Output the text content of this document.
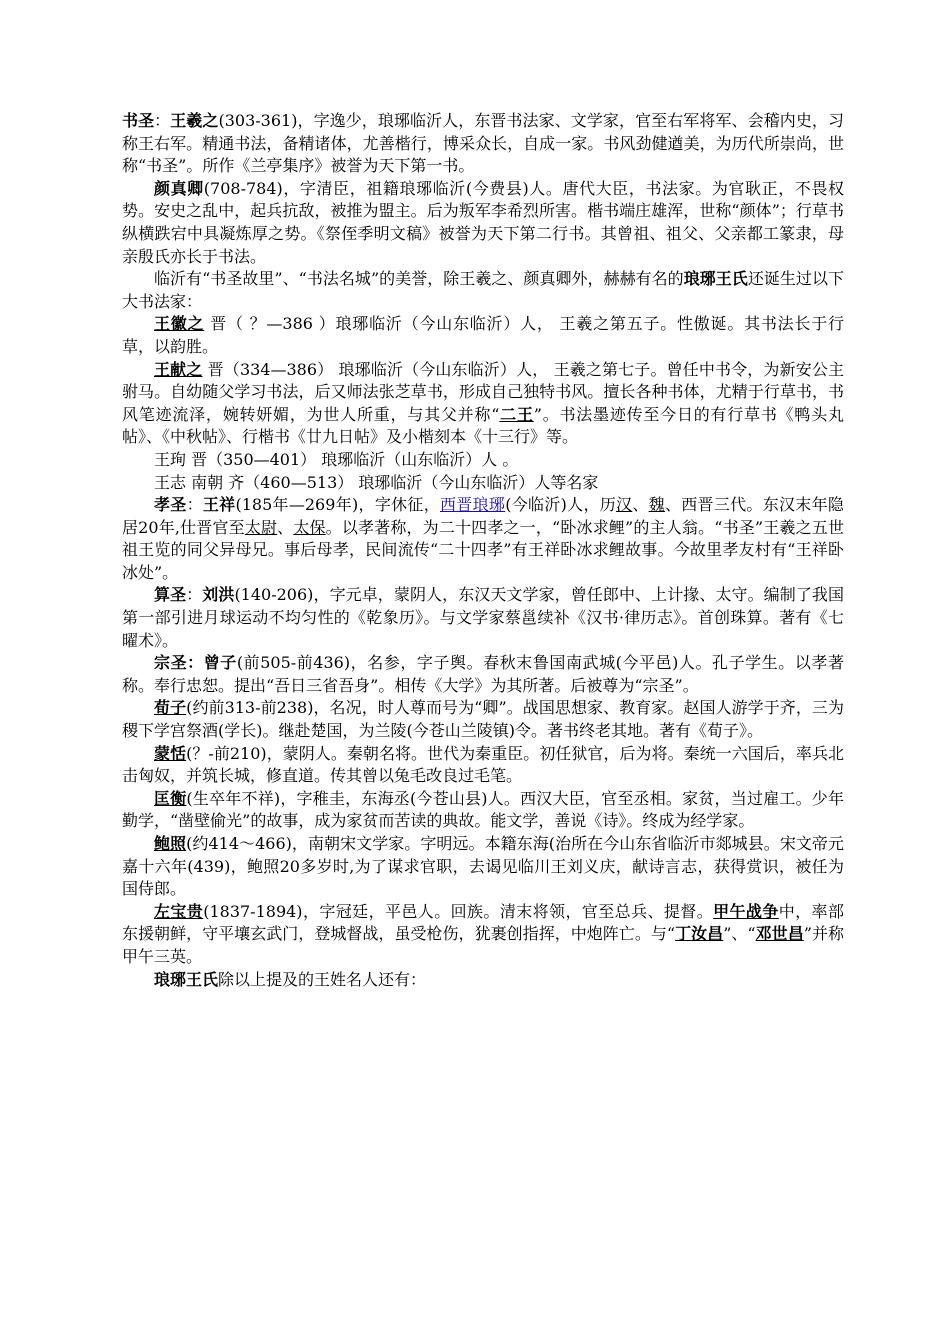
书圣：王羲之(303-361)，字逸少，琅琊临沂人，东晋书法家、文学家，官至右军将军、会稽内史，习称王右军。精通书法，备精诸体，尤善楷行，博采众长，自成一家。书风劲健遒美，为历代所崇尚，世称“书圣”。所作《兰亭集序》被誉为天下第一书。

颜真卿(708-784)，字清臣，祖籍琅琊临沂(今费县)人。唐代大臣，书法家。为官耿正，不畏权势。安史之乱中，起兵抗敌，被推为盟主。后为叛军李希烈所害。楷书端庄雄浑，世称“颜体”；行草书纵横跌宕中具凝炼厚之势。《祭侄季明文稿》被誉为天下第二行书。其曾祖、祖父、父亲都工篆隶，母亲殷氏亦长于书法。

临沂有“书圣故里”、“书法名城”的美誉，除王羲之、颜真卿外，赫赫有名的琅琊王氏还诞生过以下大书法家：

王徽之 晋（ ？—386 ）琅琊临沂（今山东临沂）人， 王羲之第五子。性傲诞。其书法长于行草，以韵胜。

王献之 晋（334—386） 琅琊临沂（今山东临沂）人， 王羲之第七子。曾任中书令，为新安公主驸马。自幼随父学习书法，后又师法张芝草书，形成自己独特书风。擅长各种书体，尤精于行草书，书风笔迹流泽，婉转妍媚，为世人所重，与其父并称“二王”。书法墨迹传至今日的有行草书《鸭头丸帖》、《中秋帖》、行楷书《廿九日帖》及小楷刻本《十三行》等。

王珣 晋（350—401） 琅琊临沂（山东临沂）人 。

王志 南朝 齐（460—513） 琅琊临沂（今山东临沂）人等名家

孝圣：王祥(185年—269年)，字休征，西晋琅琊(今临沂)人，历汉、魏、西晋三代。东汉末年隐居20年,仕晋官至太尉、太保。以孝著称，为二十四孝之一，“卧冰求鲤”的主人翁。“书圣”王羲之五世祖王览的同父异母兄。事后母孝，民间流传“二十四孝”有王祥卧冰求鲤故事。今故里孝友村有“王祥卧冰处”。

算圣：刘洪(140-206)，字元卓，蒙阴人，东汉天文学家，曾任郎中、上计掾、太守。编制了我国第一部引进月球运动不均匀性的《乾象历》。与文学家蔡邕续补《汉书·律历志》。首创珠算。著有《七曜术》。

宗圣：曾子(前505-前436)，名参，字子舆。春秋末鲁国南武城(今平邑)人。孔子学生。以孝著称。奉行忠恕。提出“吾日三省吾身”。相传《大学》为其所著。后被尊为“宗圣”。

荀子(约前313-前238)，名况，时人尊而号为“卿”。战国思想家、教育家。赵国人游学于齐，三为稷下学宫祭酒(学长)。继赴楚国，为兰陵(今苍山兰陵镇)令。著书终老其地。著有《荀子》。

蒙恬(？-前210)，蒙阴人。秦朝名将。世代为秦重臣。初任狱官，后为将。秦统一六国后，率兵北击匈奴，并筑长城，修直道。传其曾以兔毛改良过毛笔。

匡衡(生卒年不祥)，字稚圭，东海丞(今苍山县)人。西汉大臣，官至丞相。家贫，当过雇工。少年勤学，“凿壁偷光”的故事，成为家贫而苦读的典故。能文学，善说《诗》。终成为经学家。

鲍照(约414～466)，南朝宋文学家。字明远。本籍东海(治所在今山东省临沂市郯城县。宋文帝元嘉十六年(439)，鲍照20多岁时,为了谋求官职，去谒见临川王刘义庆，献诗言志，获得赏识，被任为国侍郎。

左宝贵(1837-1894)，字冠廷，平邑人。回族。清末将领，官至总兵、提督。甲午战争中，率部东援朝鲜，守平壤玄武门，登城督战，虽受枪伤，犹裹创指挥，中炮阵亡。与“丁汝昌”、“邓世昌”并称甲午三英。

琅琊王氏除以上提及的王姓名人还有：
